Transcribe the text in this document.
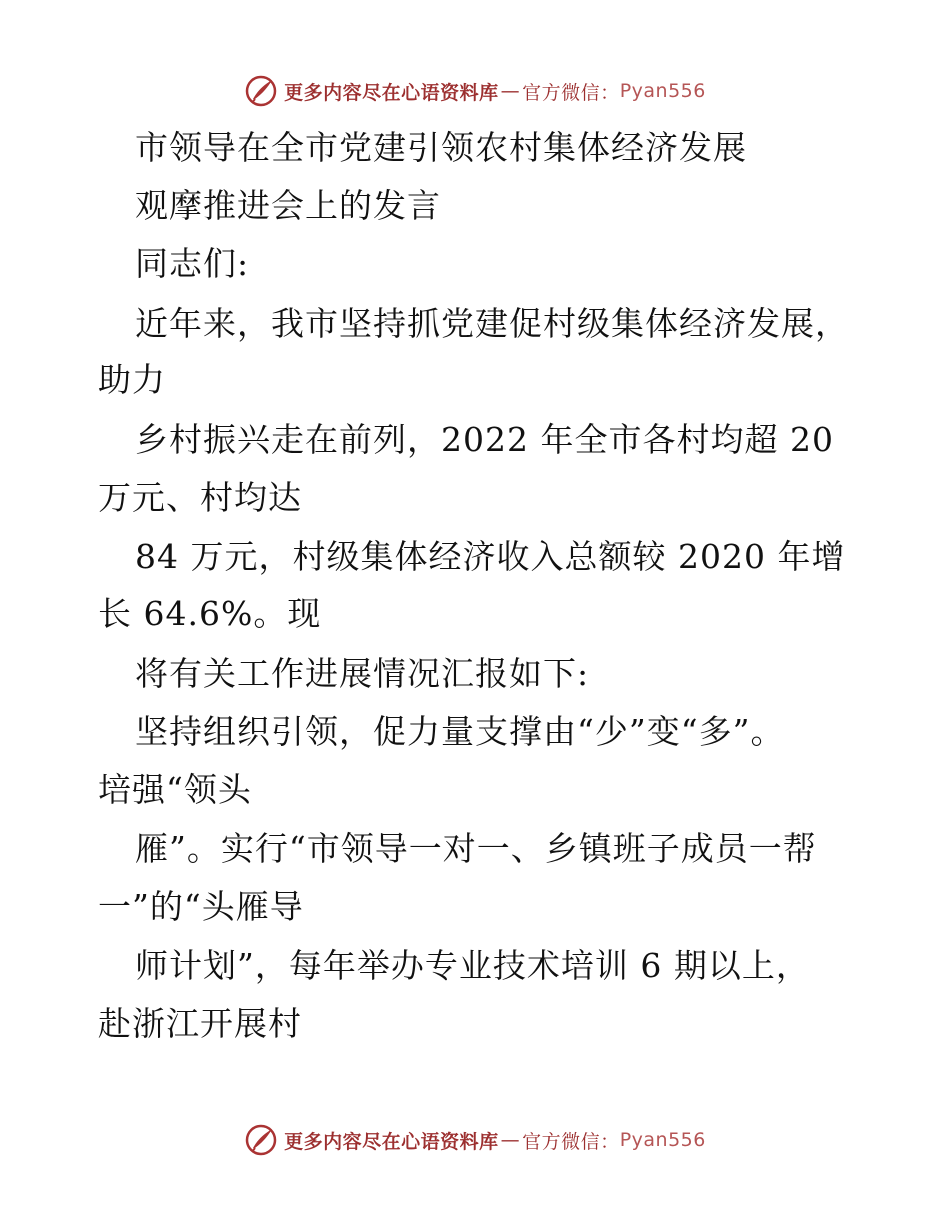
更多内容尽在心语资料库 — 官方微信： Pyan556
市领导在全市党建引领农村集体经济发展
观摩推进会上的发言
同志们:
近年来，我市坚持抓党建促村级集体经济发展，
助力
乡村振兴走在前列，2022 年全市各村均超 20
万元、村均达
84 万元，村级集体经济收入总额较 2020 年增
长 64.6%。现
将有关工作进展情况汇报如下:
坚持组织引领，促力量支撑由“少”变“多”。
培强“领头
雁”。实行“市领导一对一、乡镇班子成员一帮
一”的“头雁导
师计划”，每年举办专业技术培训 6 期以上，
赴浙江开展村
更多内容尽在心语资料库 — 官方微信： Pyan556
